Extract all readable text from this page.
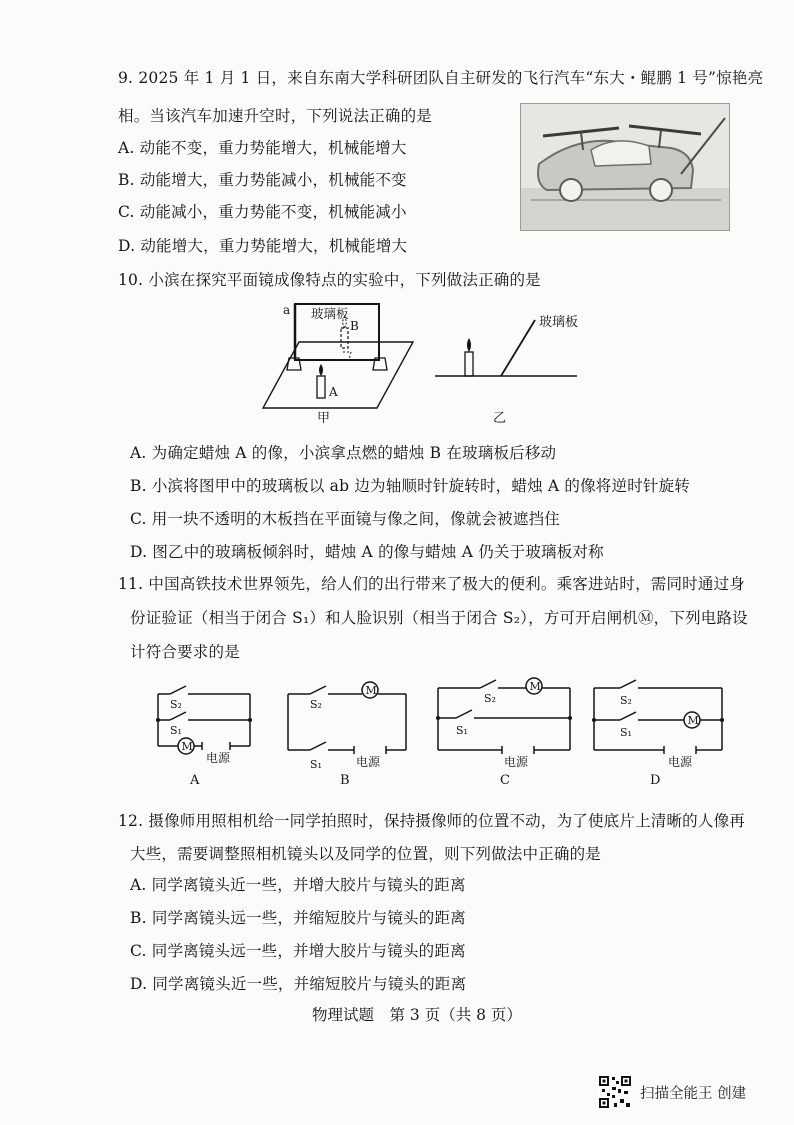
9. 2025 年 1 月 1 日，来自东南大学科研团队自主研发的飞行汽车“东大・鲲鹏 1 号”惊艳亮
相。当该汽车加速升空时，下列说法正确的是
A. 动能不变，重力势能增大，机械能增大
B. 动能增大，重力势能减小，机械能不变
C. 动能减小，重力势能不变，机械能减小
D. 动能增大，重力势能增大，机械能增大
10. 小滨在探究平面镜成像特点的实验中，下列做法正确的是
a 玻璃板
B
A
甲
玻璃板
乙
A. 为确定蜡烛 A 的像，小滨拿点燃的蜡烛 B 在玻璃板后移动
B. 小滨将图甲中的玻璃板以 ab 边为轴顺时针旋转时，蜡烛 A 的像将逆时针旋转
C. 用一块不透明的木板挡在平面镜与像之间，像就会被遮挡住
D. 图乙中的玻璃板倾斜时，蜡烛 A 的像与蜡烛 A 仍关于玻璃板对称
11. 中国高铁技术世界领先，给人们的出行带来了极大的便利。乘客进站时，需同时通过身
份证验证（相当于闭合 S₁）和人脸识别（相当于闭合 S₂），方可开启闸机Ⓜ，下列电路设
计符合要求的是
M
S₂
S₁
电源
A
M
S₂
S₁	电源
B
M
S₂
S₁
电源
C
M
S₂
S₁
电源
D
12. 摄像师用照相机给一同学拍照时，保持摄像师的位置不动，为了使底片上清晰的人像再
大些，需要调整照相机镜头以及同学的位置，则下列做法中正确的是
A. 同学离镜头近一些，并增大胶片与镜头的距离
B. 同学离镜头远一些，并缩短胶片与镜头的距离
C. 同学离镜头远一些，并增大胶片与镜头的距离
D. 同学离镜头近一些，并缩短胶片与镜头的距离
物理试题　第 3 页（共 8 页）
扫描全能王 创建
